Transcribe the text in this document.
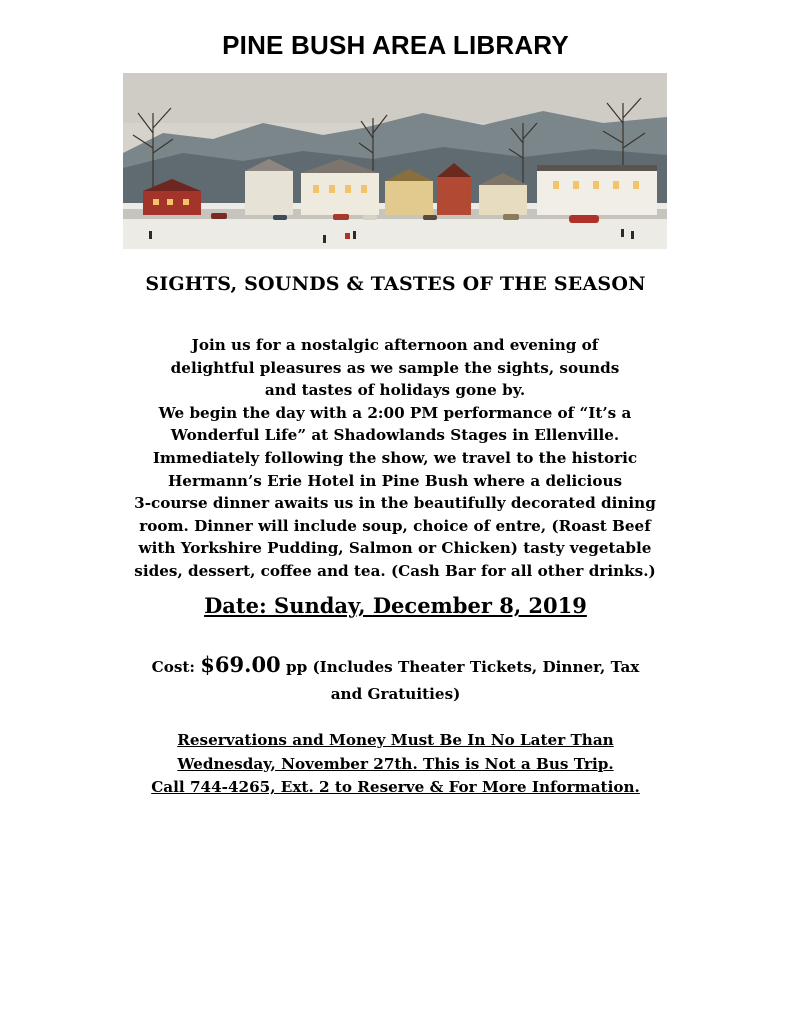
PINE BUSH AREA LIBRARY
SIGHTS, SOUNDS & TASTES OF THE SEASON
Join us for a nostalgic afternoon and evening of
delightful pleasures as we sample the sights, sounds
and tastes of holidays gone by.
We begin the day with a 2:00 PM performance of “It’s a
Wonderful Life” at Shadowlands Stages in Ellenville.
Immediately following the show, we travel to the historic
Hermann’s Erie Hotel in Pine Bush where a delicious
3-course dinner awaits us in the beautifully decorated dining
room. Dinner will include soup, choice of entre, (Roast Beef
with Yorkshire Pudding, Salmon or Chicken) tasty vegetable
sides, dessert, coffee and tea. (Cash Bar for all other drinks.)
Date: Sunday, December 8, 2019
Cost: $69.00 pp (Includes Theater Tickets, Dinner, Tax
and Gratuities)
Reservations and Money Must Be In No Later Than
Wednesday, November 27th. This is Not a Bus Trip.
Call 744-4265, Ext. 2 to Reserve & For More Information.
